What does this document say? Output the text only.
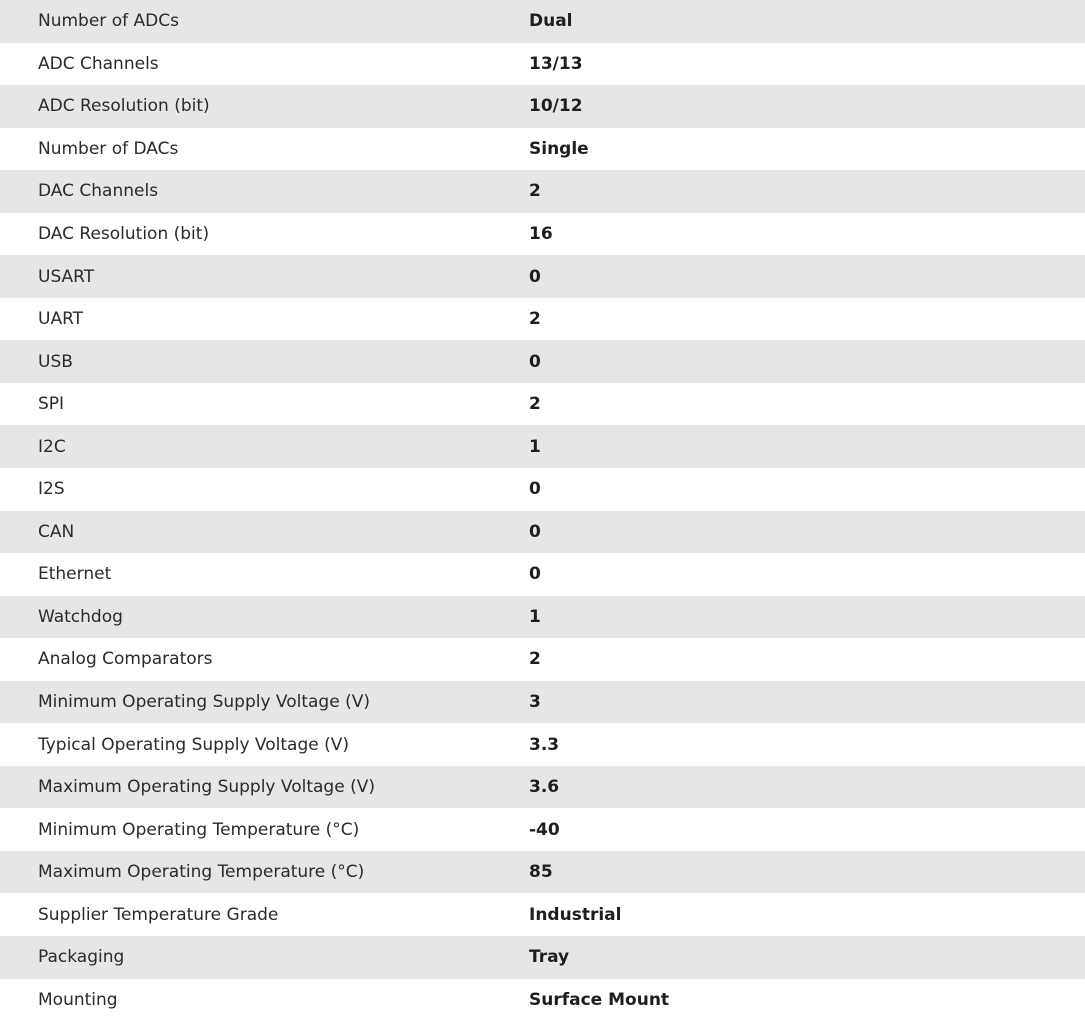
Number of ADCs	Dual
ADC Channels	13/13
ADC Resolution (bit)	10/12
Number of DACs	Single
DAC Channels	2
DAC Resolution (bit)	16
USART	0
UART	2
USB	0
SPI	2
I2C	1
I2S	0
CAN	0
Ethernet	0
Watchdog	1
Analog Comparators	2
Minimum Operating Supply Voltage (V)	3
Typical Operating Supply Voltage (V)	3.3
Maximum Operating Supply Voltage (V)	3.6
Minimum Operating Temperature (°C)	-40
Maximum Operating Temperature (°C)	85
Supplier Temperature Grade	Industrial
Packaging	Tray
Mounting	Surface Mount
